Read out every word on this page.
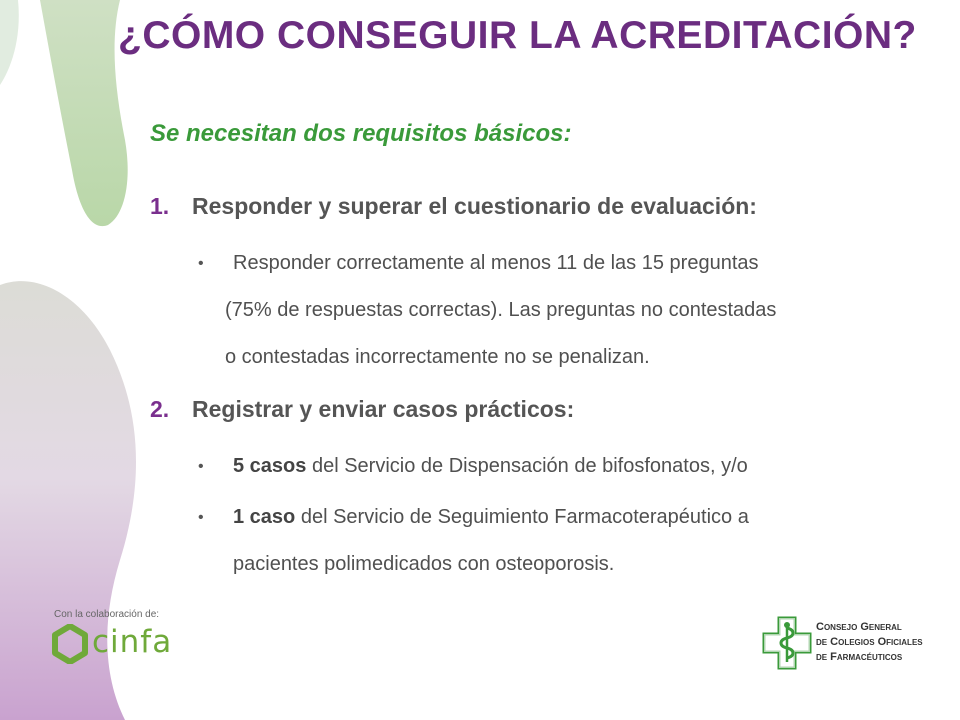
¿CÓMO CONSEGUIR LA ACREDITACIÓN?
Se necesitan dos requisitos básicos:
1. Responder y superar el cuestionario de evaluación:
• Responder correctamente al menos 11 de las 15 preguntas
(75% de respuestas correctas). Las preguntas no contestadas
o contestadas incorrectamente no se penalizan.
2. Registrar y enviar casos prácticos:
• 5 casos del Servicio de Dispensación de bifosfonatos, y/o
• 1 caso del Servicio de Seguimiento Farmacoterapéutico a
pacientes polimedicados con osteoporosis.
Con la colaboración de:
cinfa	Consejo General
de Colegios Oficiales
de Farmacéuticos
